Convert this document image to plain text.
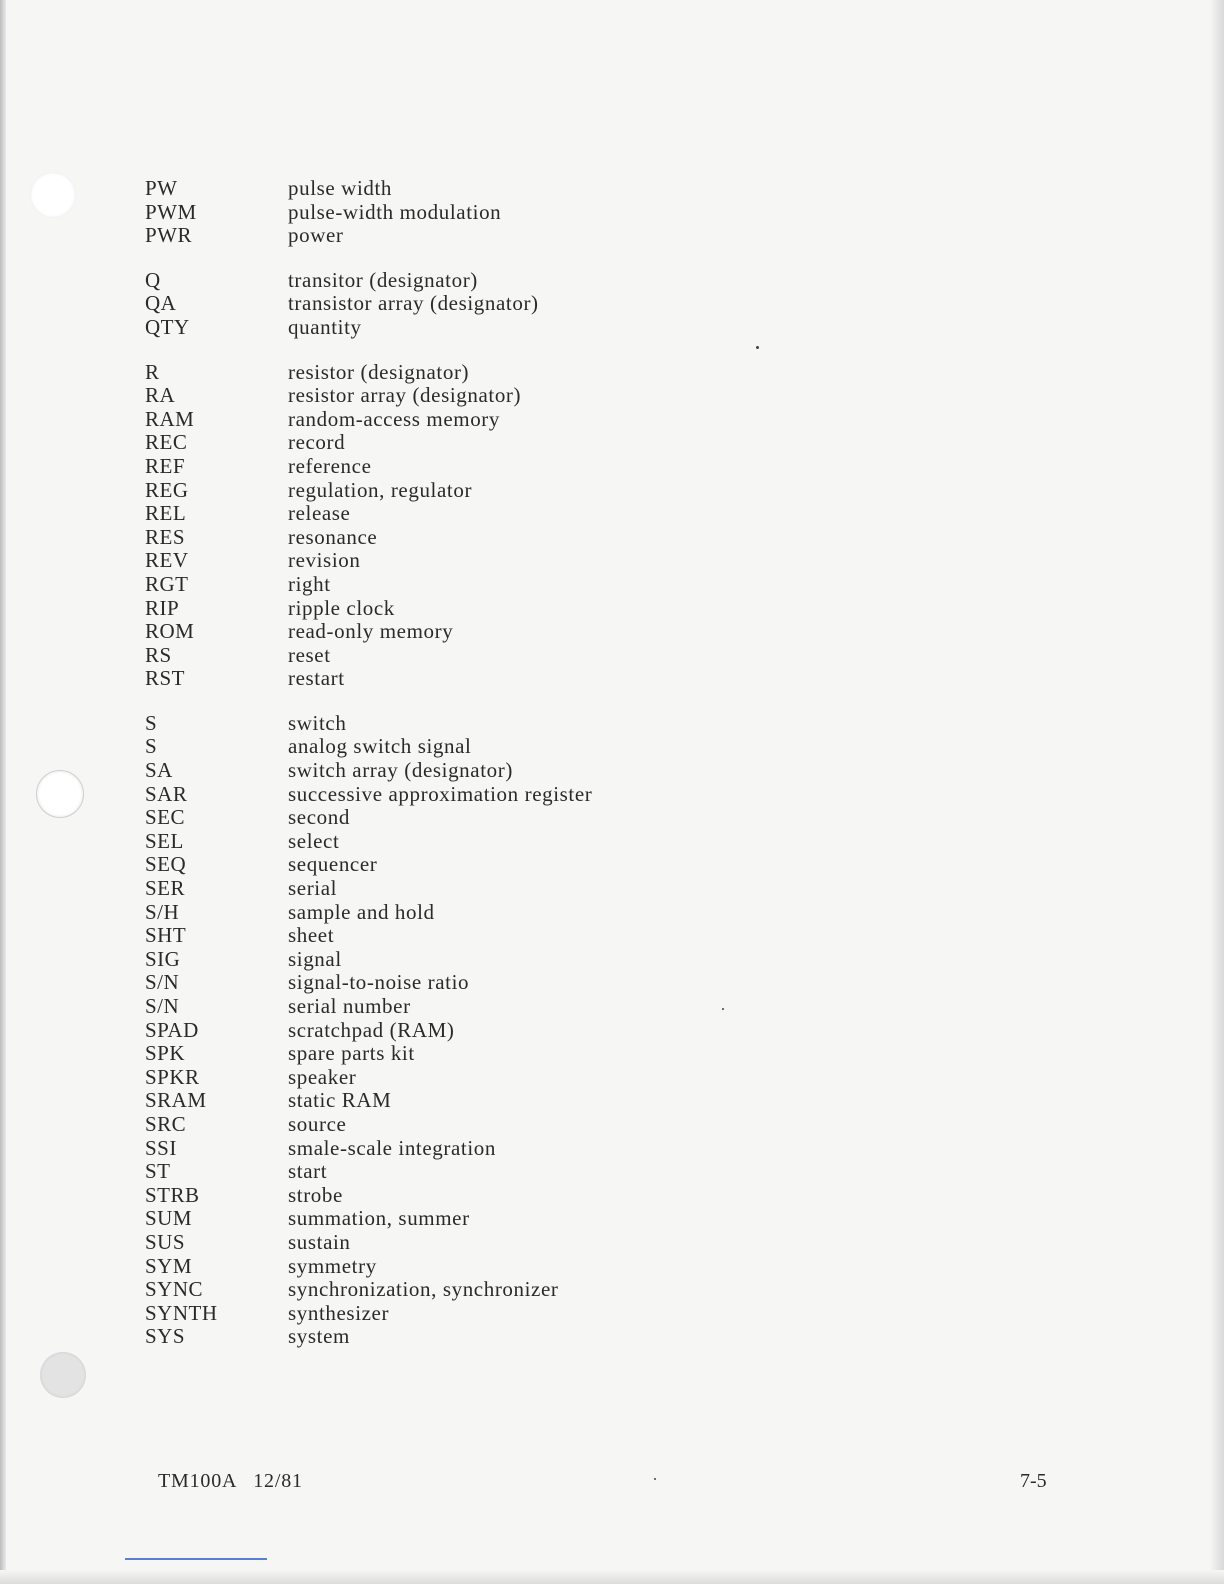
PW	pulse width
PWM	pulse-width modulation
PWR	power
Q	transitor (designator)
QA	transistor array (designator)
QTY	quantity
R	resistor (designator)
RA	resistor array (designator)
RAM	random-access memory
REC	record
REF	reference
REG	regulation, regulator
REL	release
RES	resonance
REV	revision
RGT	right
RIP	ripple clock
ROM	read-only memory
RS	reset
RST	restart
S	switch
S	analog switch signal
SA	switch array (designator)
SAR	successive approximation register
SEC	second
SEL	select
SEQ	sequencer
SER	serial
S/H	sample and hold
SHT	sheet
SIG	signal
S/N	signal-to-noise ratio
S/N	serial number
SPAD	scratchpad (RAM)
SPK	spare parts kit
SPKR	speaker
SRAM	static RAM
SRC	source
SSI	smale-scale integration
ST	start
STRB	strobe
SUM	summation, summer
SUS	sustain
SYM	symmetry
SYNC	synchronization, synchronizer
SYNTH	synthesizer
SYS	system
TM100A 12/81	7-5
